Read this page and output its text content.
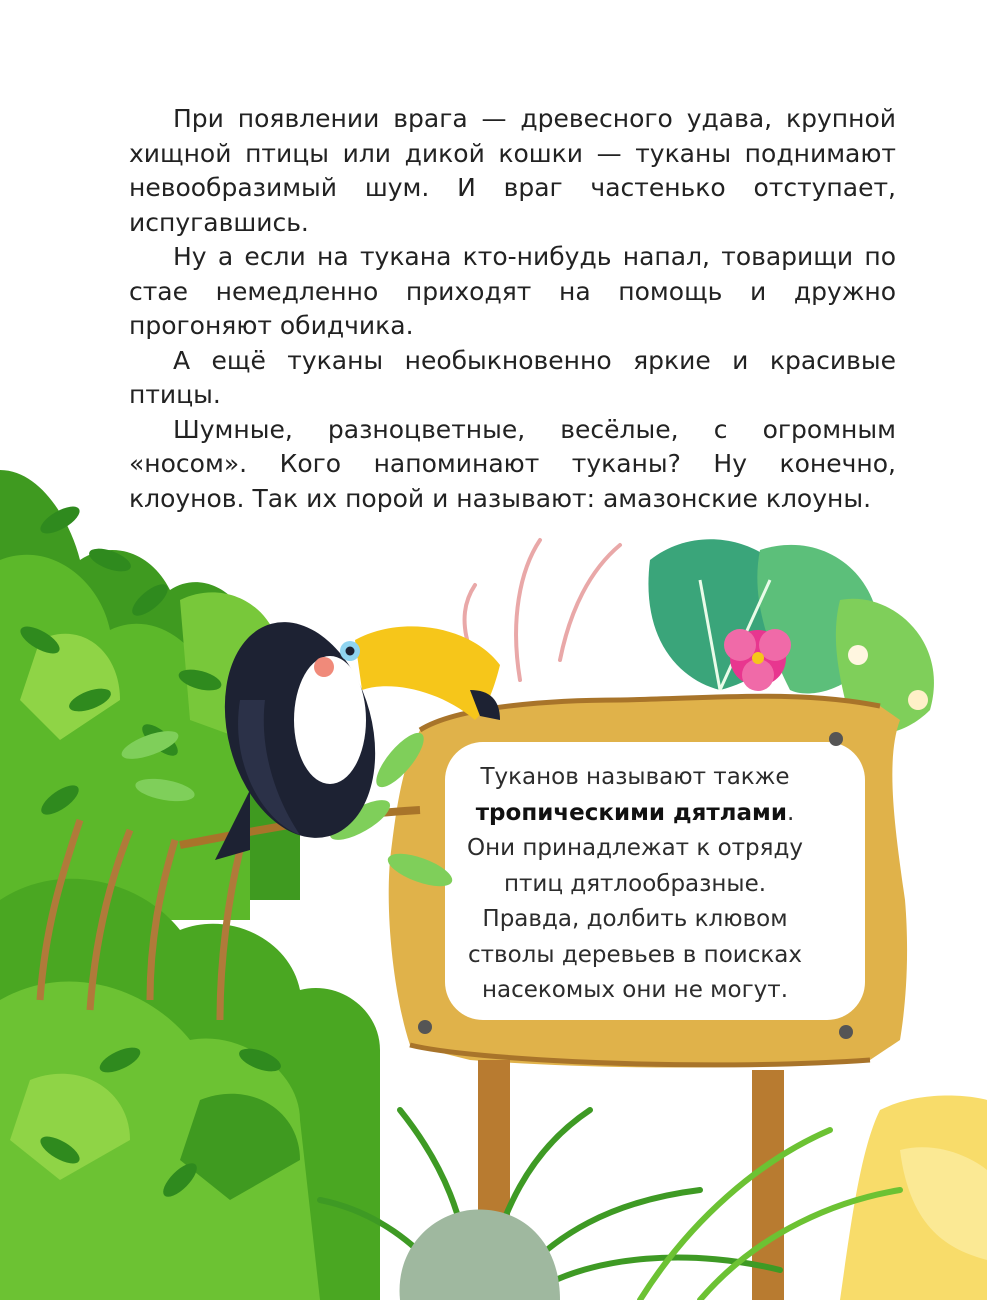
При появлении врага — древесного удава, крупной хищной птицы или дикой кошки — туканы поднимают невообразимый шум. И враг частенько отступает, испугавшись.

Ну а если на тукана кто-нибудь напал, товарищи по стае немедленно приходят на помощь и дружно прогоняют обидчика.

А ещё туканы необыкновенно яркие и красивые птицы.

Шумные, разноцветные, весёлые, с огромным «носом». Кого напоминают туканы? Ну конечно, клоунов. Так их порой и называют: амазонские клоуны.

Туканов называют также
тропическими дятлами.
Они принадлежат к отряду
птиц дятлообразные.
Правда, долбить клювом
стволы деревьев в поисках
насекомых они не могут.
